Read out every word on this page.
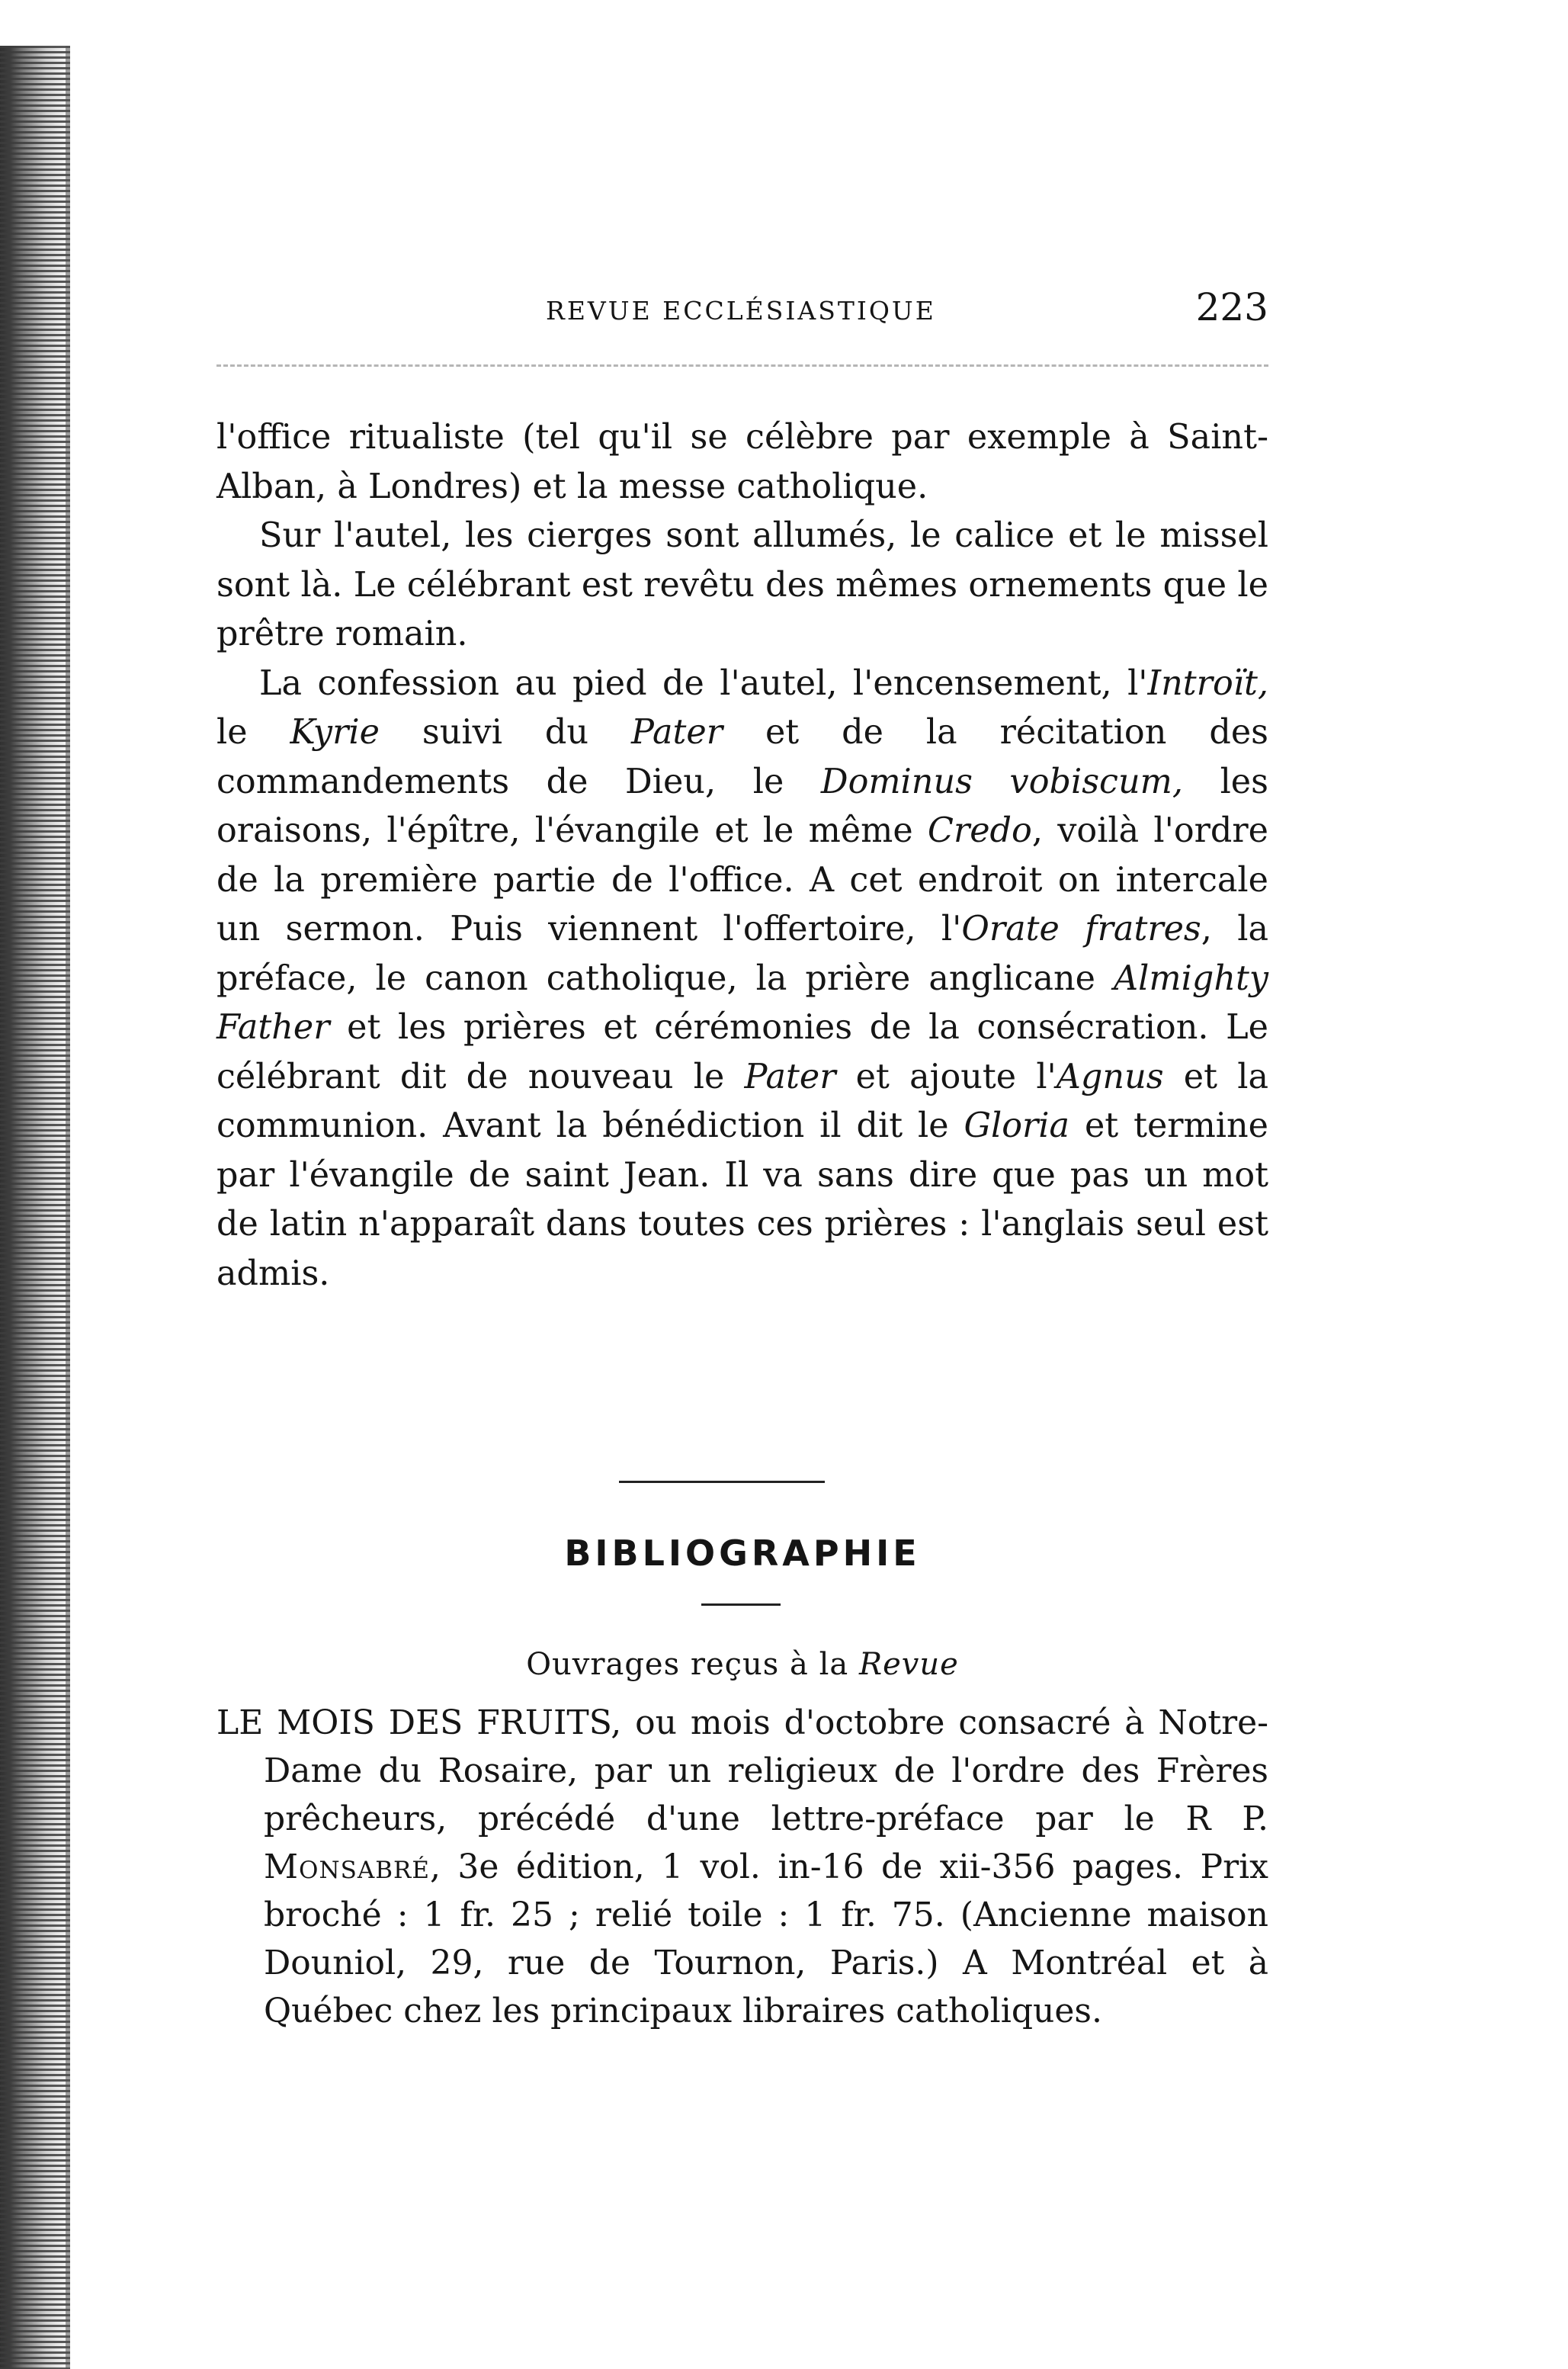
REVUE ECCLÉSIASTIQUE	223

l'office ritualiste (tel qu'il se célèbre par exemple à Saint-Alban, à Londres) et la messe catholique.

Sur l'autel, les cierges sont allumés, le calice et le missel sont là. Le célébrant est revêtu des mêmes ornements que le prêtre romain.

La confession au pied de l'autel, l'encensement, l'Introït, le Kyrie suivi du Pater et de la récitation des commandements de Dieu, le Dominus vobiscum, les oraisons, l'épître, l'évangile et le même Credo, voilà l'ordre de la première partie de l'office. A cet endroit on intercale un sermon. Puis viennent l'offertoire, l'Orate fratres, la préface, le canon catholique, la prière anglicane Almighty Father et les prières et cérémonies de la consécration. Le célébrant dit de nouveau le Pater et ajoute l'Agnus et la communion. Avant la bénédiction il dit le Gloria et termine par l'évangile de saint Jean. Il va sans dire que pas un mot de latin n'apparaît dans toutes ces prières : l'anglais seul est admis.

BIBLIOGRAPHIE
Ouvrages reçus à la Revue
LE MOIS DES FRUITS, ou mois d'octobre consacré à Notre-Dame du Rosaire, par un religieux de l'ordre des Frères prêcheurs, précédé d'une lettre-préface par le R P. Monsabré, 3e édition, 1 vol. in-16 de xii-356 pages. Prix broché : 1 fr. 25 ; relié toile : 1 fr. 75. (Ancienne maison Douniol, 29, rue de Tournon, Paris.) A Montréal et à Québec chez les principaux libraires catholiques.
